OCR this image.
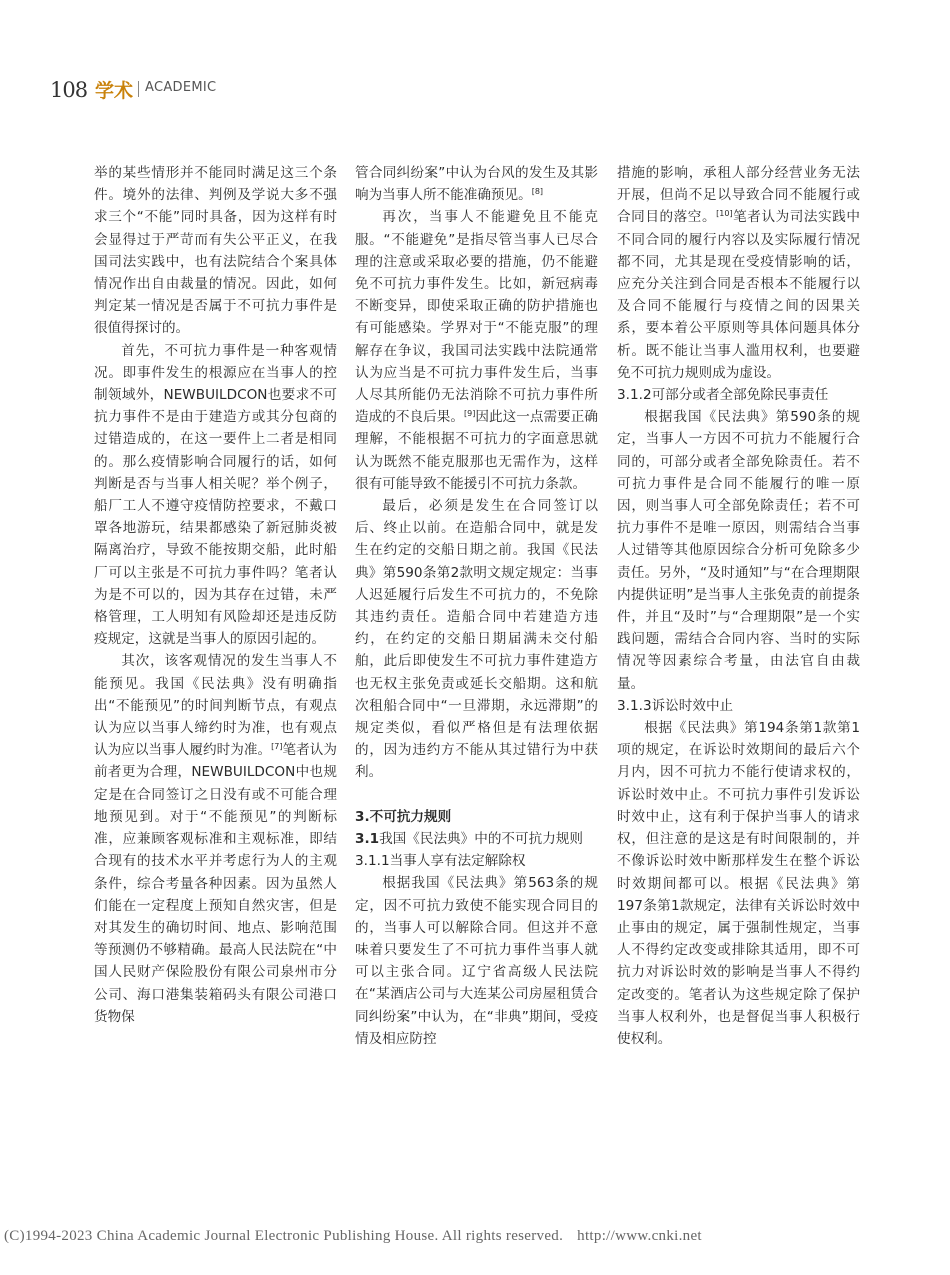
108 学术 ACADEMIC

举的某些情形并不能同时满足这三个条件。境外的法律、判例及学说大多不强求三个“不能”同时具备，因为这样有时会显得过于严苛而有失公平正义，在我国司法实践中，也有法院结合个案具体情况作出自由裁量的情况。因此，如何判定某一情况是否属于不可抗力事件是很值得探讨的。

首先，不可抗力事件是一种客观情况。即事件发生的根源应在当事人的控制领域外，NEWBUILDCON也要求不可抗力事件不是由于建造方或其分包商的过错造成的，在这一要件上二者是相同的。那么疫情影响合同履行的话，如何判断是否与当事人相关呢？举个例子，船厂工人不遵守疫情防控要求，不戴口罩各地游玩，结果都感染了新冠肺炎被隔离治疗，导致不能按期交船，此时船厂可以主张是不可抗力事件吗？笔者认为是不可以的，因为其存在过错，未严格管理，工人明知有风险却还是违反防疫规定，这就是当事人的原因引起的。

其次，该客观情况的发生当事人不能预见。我国《民法典》没有明确指出“不能预见”的时间判断节点，有观点认为应以当事人缔约时为准，也有观点认为应以当事人履约时为准。[7]笔者认为前者更为合理，NEWBUILDCON中也规定是在合同签订之日没有或不可能合理地预见到。对于“不能预见”的判断标准，应兼顾客观标准和主观标准，即结合现有的技术水平并考虑行为人的主观条件，综合考量各种因素。因为虽然人们能在一定程度上预知自然灾害，但是对其发生的确切时间、地点、影响范围等预测仍不够精确。最高人民法院在“中国人民财产保险股份有限公司泉州市分公司、海口港集装箱码头有限公司港口货物保

管合同纠纷案”中认为台风的发生及其影响为当事人所不能准确预见。[8]

再次，当事人不能避免且不能克服。“不能避免”是指尽管当事人已尽合理的注意或采取必要的措施，仍不能避免不可抗力事件发生。比如，新冠病毒不断变异，即使采取正确的防护措施也有可能感染。学界对于“不能克服”的理解存在争议，我国司法实践中法院通常认为应当是不可抗力事件发生后，当事人尽其所能仍无法消除不可抗力事件所造成的不良后果。[9]因此这一点需要正确理解，不能根据不可抗力的字面意思就认为既然不能克服那也无需作为，这样很有可能导致不能援引不可抗力条款。

最后，必须是发生在合同签订以后、终止以前。在造船合同中，就是发生在约定的交船日期之前。我国《民法典》第590条第2款明文规定规定：当事人迟延履行后发生不可抗力的，不免除其违约责任。造船合同中若建造方违约，在约定的交船日期届满未交付船舶，此后即使发生不可抗力事件建造方也无权主张免责或延长交船期。这和航次租船合同中“一旦滞期，永远滞期”的规定类似，看似严格但是有法理依据的，因为违约方不能从其过错行为中获利。

3.不可抗力规则

3.1我国《民法典》中的不可抗力规则

3.1.1当事人享有法定解除权

根据我国《民法典》第563条的规定，因不可抗力致使不能实现合同目的的，当事人可以解除合同。但这并不意味着只要发生了不可抗力事件当事人就可以主张合同。辽宁省高级人民法院在“某酒店公司与大连某公司房屋租赁合同纠纷案”中认为，在“非典”期间，受疫情及相应防控

措施的影响，承租人部分经营业务无法开展，但尚不足以导致合同不能履行或合同目的落空。[10]笔者认为司法实践中不同合同的履行内容以及实际履行情况都不同，尤其是现在受疫情影响的话，应充分关注到合同是否根本不能履行以及合同不能履行与疫情之间的因果关系，要本着公平原则等具体问题具体分析。既不能让当事人滥用权利，也要避免不可抗力规则成为虚设。

3.1.2可部分或者全部免除民事责任

根据我国《民法典》第590条的规定，当事人一方因不可抗力不能履行合同的，可部分或者全部免除责任。若不可抗力事件是合同不能履行的唯一原因，则当事人可全部免除责任；若不可抗力事件不是唯一原因，则需结合当事人过错等其他原因综合分析可免除多少责任。另外，“及时通知”与“在合理期限内提供证明”是当事人主张免责的前提条件，并且“及时”与“合理期限”是一个实践问题，需结合合同内容、当时的实际情况等因素综合考量，由法官自由裁量。

3.1.3诉讼时效中止

根据《民法典》第194条第1款第1项的规定，在诉讼时效期间的最后六个月内，因不可抗力不能行使请求权的，诉讼时效中止。不可抗力事件引发诉讼时效中止，这有利于保护当事人的请求权，但注意的是这是有时间限制的，并不像诉讼时效中断那样发生在整个诉讼时效期间都可以。根据《民法典》第197条第1款规定，法律有关诉讼时效中止事由的规定，属于强制性规定，当事人不得约定改变或排除其适用，即不可抗力对诉讼时效的影响是当事人不得约定改变的。笔者认为这些规定除了保护当事人权利外，也是督促当事人积极行使权利。

(C)1994-2023 China Academic Journal Electronic Publishing House. All rights reserved. http://www.cnki.net
